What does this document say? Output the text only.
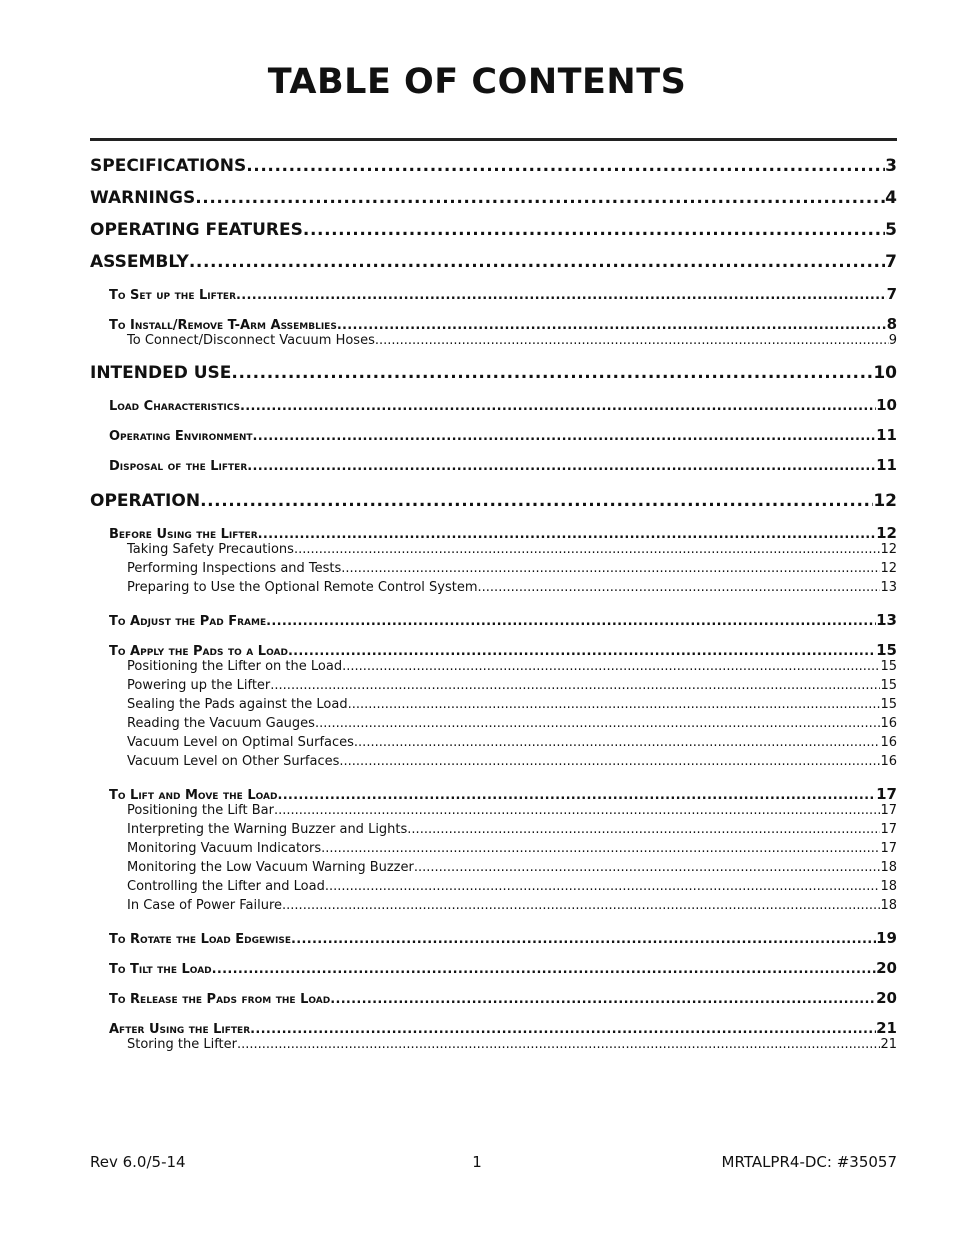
TABLE OF CONTENTS
SPECIFICATIONS .....	3
WARNINGS .....	4
OPERATING FEATURES .....	5
ASSEMBLY .....	7
To Set up the Lifter .....	7
To Install/Remove T-Arm Assemblies .....	8
To Connect/Disconnect Vacuum Hoses .....	9
INTENDED USE .....	10
Load Characteristics .....	10
Operating Environment .....	11
Disposal of the Lifter .....	11
OPERATION .....	12
Before Using the Lifter .....	12
Taking Safety Precautions .....	12
Performing Inspections and Tests .....	12
Preparing to Use the Optional Remote Control System .....	13
To Adjust the Pad Frame .....	13
To Apply the Pads to a Load .....	15
Positioning the Lifter on the Load .....	15
Powering up the Lifter .....	15
Sealing the Pads against the Load .....	15
Reading the Vacuum Gauges .....	16
Vacuum Level on Optimal Surfaces .....	16
Vacuum Level on Other Surfaces .....	16
To Lift and Move the Load .....	17
Positioning the Lift Bar .....	17
Interpreting the Warning Buzzer and Lights .....	17
Monitoring Vacuum Indicators .....	17
Monitoring the Low Vacuum Warning Buzzer .....	18
Controlling the Lifter and Load .....	18
In Case of Power Failure .....	18
To Rotate the Load Edgewise .....	19
To Tilt the Load .....	20
To Release the Pads from the Load .....	20
After Using the Lifter .....	21
Storing the Lifter .....	21
Rev 6.0/5-14	1	MRTALPR4-DC: #35057
